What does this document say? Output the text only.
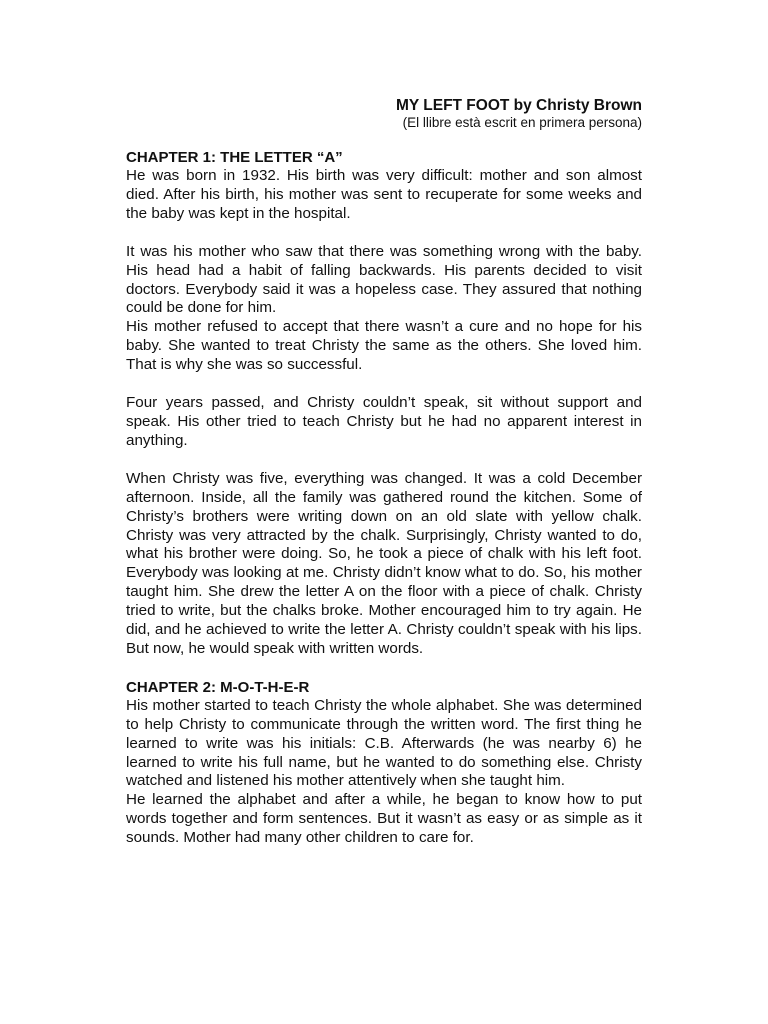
MY LEFT FOOT by Christy Brown

(El llibre està escrit en primera persona)

CHAPTER 1: THE LETTER “A”

He was born in 1932. His birth was very difficult: mother and son almost died. After his birth, his mother was sent to recuperate for some weeks and the baby was kept in the hospital.

It was his mother who saw that there was something wrong with the baby. His head had a habit of falling backwards. His parents decided to visit doctors. Everybody said it was a hopeless case. They assured that nothing could be done for him.

His mother refused to accept that there wasn’t a cure and no hope for his baby. She wanted to treat Christy the same as the others. She loved him. That is why she was so successful.

Four years passed, and Christy couldn’t speak, sit without support and speak. His other tried to teach Christy but he had no apparent interest in anything.

When Christy was five, everything was changed. It was a cold December afternoon. Inside, all the family was gathered round the kitchen. Some of Christy’s brothers were writing down on an old slate with yellow chalk. Christy was very attracted by the chalk. Surprisingly, Christy wanted to do, what his brother were doing. So, he took a piece of chalk with his left foot. Everybody was looking at me. Christy didn’t know what to do. So, his mother taught him. She drew the letter A on the floor with a piece of chalk. Christy tried to write, but the chalks broke. Mother encouraged him to try again. He did, and he achieved to write the letter A. Christy couldn’t speak with his lips. But now, he would speak with written words.

CHAPTER 2: M-O-T-H-E-R

His mother started to teach Christy the whole alphabet. She was determined to help Christy to communicate through the written word. The first thing he learned to write was his initials: C.B. Afterwards (he was nearby 6) he learned to write his full name, but he wanted to do something else. Christy watched and listened his mother attentively when she taught him.

He learned the alphabet and after a while, he began to know how to put words together and form sentences. But it wasn’t as easy or as simple as it sounds. Mother had many other children to care for.
